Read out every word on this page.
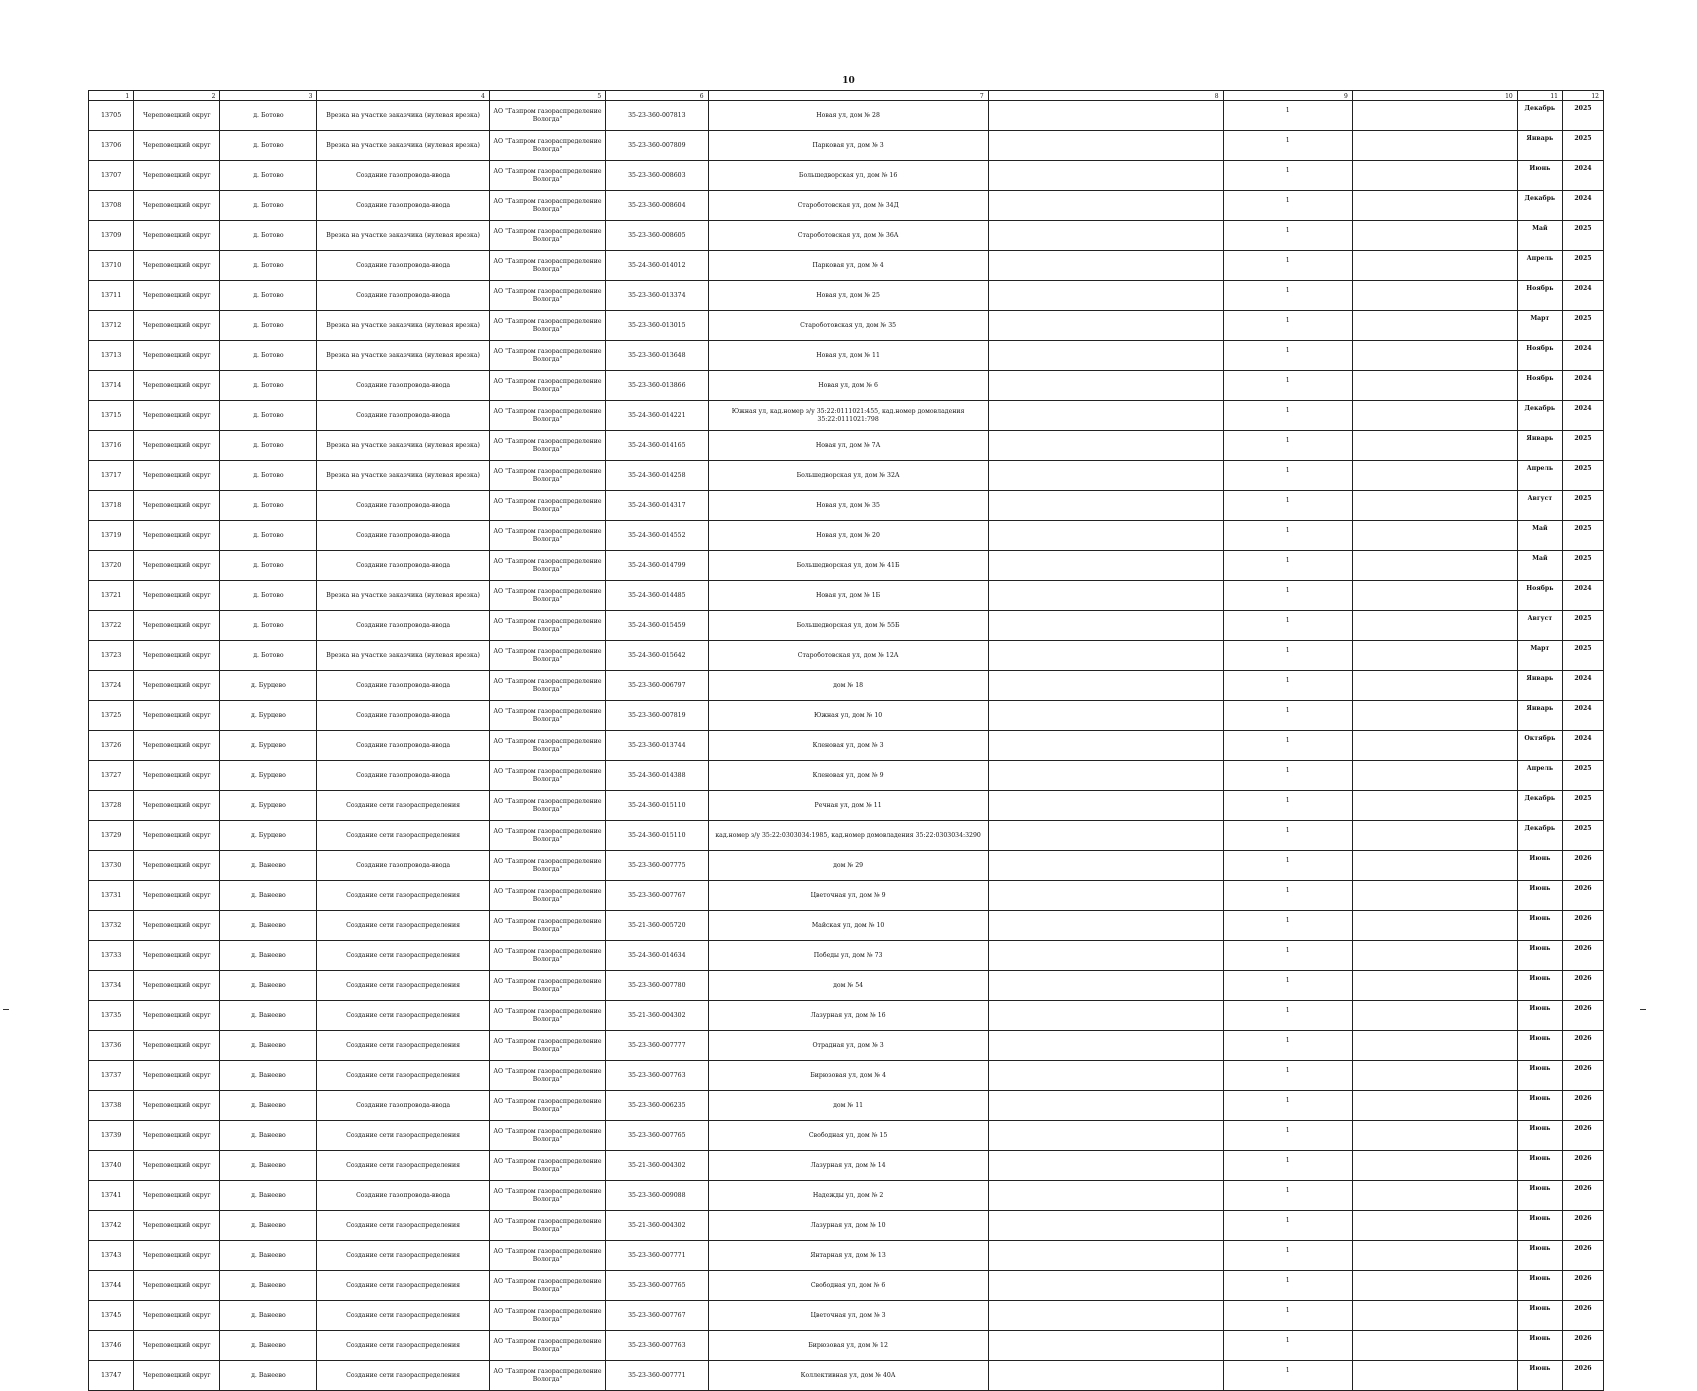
10
1	2	3	4	5	6	7	8	9	10	11	12
13705	Череповецкий округ	д. Ботово	Врезка на участке заказчика (нулевая врезка)	АО "Газпром газораспределение Вологда"	35-23-360-007813	Новая ул, дом № 28		1		Декабрь	2025
13706	Череповецкий округ	д. Ботово	Врезка на участке заказчика (нулевая врезка)	АО "Газпром газораспределение Вологда"	35-23-360-007809	Парковая ул, дом № 3		1		Январь	2025
13707	Череповецкий округ	д. Ботово	Создание газопровода-ввода	АО "Газпром газораспределение Вологда"	35-23-360-008603	Большедворская ул, дом № 16		1		Июнь	2024
13708	Череповецкий округ	д. Ботово	Создание газопровода-ввода	АО "Газпром газораспределение Вологда"	35-23-360-008604	Староботовская ул, дом № 34Д		1		Декабрь	2024
13709	Череповецкий округ	д. Ботово	Врезка на участке заказчика (нулевая врезка)	АО "Газпром газораспределение Вологда"	35-23-360-008605	Староботовская ул, дом № 36А		1		Май	2025
13710	Череповецкий округ	д. Ботово	Создание газопровода-ввода	АО "Газпром газораспределение Вологда"	35-24-360-014012	Парковая ул, дом № 4		1		Апрель	2025
13711	Череповецкий округ	д. Ботово	Создание газопровода-ввода	АО "Газпром газораспределение Вологда"	35-23-360-013374	Новая ул, дом № 25		1		Ноябрь	2024
13712	Череповецкий округ	д. Ботово	Врезка на участке заказчика (нулевая врезка)	АО "Газпром газораспределение Вологда"	35-23-360-013015	Староботовская ул, дом № 35		1		Март	2025
13713	Череповецкий округ	д. Ботово	Врезка на участке заказчика (нулевая врезка)	АО "Газпром газораспределение Вологда"	35-23-360-013648	Новая ул, дом № 11		1		Ноябрь	2024
13714	Череповецкий округ	д. Ботово	Создание газопровода-ввода	АО "Газпром газораспределение Вологда"	35-23-360-013866	Новая ул, дом № 6		1		Ноябрь	2024
13715	Череповецкий округ	д. Ботово	Создание газопровода-ввода	АО "Газпром газораспределение Вологда"	35-24-360-014221	Южная ул, кад.номер з/у 35:22:0111021:455, кад.номер домовладения 35:22:0111021:798		1		Декабрь	2024
13716	Череповецкий округ	д. Ботово	Врезка на участке заказчика (нулевая врезка)	АО "Газпром газораспределение Вологда"	35-24-360-014165	Новая ул, дом № 7А		1		Январь	2025
13717	Череповецкий округ	д. Ботово	Врезка на участке заказчика (нулевая врезка)	АО "Газпром газораспределение Вологда"	35-24-360-014258	Большедворская ул, дом № 32А		1		Апрель	2025
13718	Череповецкий округ	д. Ботово	Создание газопровода-ввода	АО "Газпром газораспределение Вологда"	35-24-360-014317	Новая ул, дом № 35		1		Август	2025
13719	Череповецкий округ	д. Ботово	Создание газопровода-ввода	АО "Газпром газораспределение Вологда"	35-24-360-014552	Новая ул, дом № 20		1		Май	2025
13720	Череповецкий округ	д. Ботово	Создание газопровода-ввода	АО "Газпром газораспределение Вологда"	35-24-360-014799	Большедворская ул, дом № 41Б		1		Май	2025
13721	Череповецкий округ	д. Ботово	Врезка на участке заказчика (нулевая врезка)	АО "Газпром газораспределение Вологда"	35-24-360-014485	Новая ул, дом № 1Б		1		Ноябрь	2024
13722	Череповецкий округ	д. Ботово	Создание газопровода-ввода	АО "Газпром газораспределение Вологда"	35-24-360-015459	Большедворская ул, дом № 55Б		1		Август	2025
13723	Череповецкий округ	д. Ботово	Врезка на участке заказчика (нулевая врезка)	АО "Газпром газораспределение Вологда"	35-24-360-015642	Староботовская ул, дом № 12А		1		Март	2025
13724	Череповецкий округ	д. Бурцево	Создание газопровода-ввода	АО "Газпром газораспределение Вологда"	35-23-360-006797	дом № 18		1		Январь	2024
13725	Череповецкий округ	д. Бурцево	Создание газопровода-ввода	АО "Газпром газораспределение Вологда"	35-23-360-007819	Южная ул, дом № 10		1		Январь	2024
13726	Череповецкий округ	д. Бурцево	Создание газопровода-ввода	АО "Газпром газораспределение Вологда"	35-23-360-013744	Кленовая ул, дом № 3		1		Октябрь	2024
13727	Череповецкий округ	д. Бурцево	Создание газопровода-ввода	АО "Газпром газораспределение Вологда"	35-24-360-014388	Кленовая ул, дом № 9		1		Апрель	2025
13728	Череповецкий округ	д. Бурцево	Создание сети газораспределения	АО "Газпром газораспределение Вологда"	35-24-360-015110	Речная ул, дом № 11		1		Декабрь	2025
13729	Череповецкий округ	д. Бурцево	Создание сети газораспределения	АО "Газпром газораспределение Вологда"	35-24-360-015110	кад.номер з/у 35:22:0303034:1985, кад.номер домовладения 35:22:0303034:3290		1		Декабрь	2025
13730	Череповецкий округ	д. Ванеево	Создание газопровода-ввода	АО "Газпром газораспределение Вологда"	35-23-360-007775	дом № 29		1		Июнь	2026
13731	Череповецкий округ	д. Ванеево	Создание сети газораспределения	АО "Газпром газораспределение Вологда"	35-23-360-007767	Цветочная ул, дом № 9		1		Июнь	2026
13732	Череповецкий округ	д. Ванеево	Создание сети газораспределения	АО "Газпром газораспределение Вологда"	35-21-360-005720	Майская ул, дом № 10		1		Июнь	2026
13733	Череповецкий округ	д. Ванеево	Создание сети газораспределения	АО "Газпром газораспределение Вологда"	35-24-360-014634	Победы ул, дом № 73		1		Июнь	2026
13734	Череповецкий округ	д. Ванеево	Создание сети газораспределения	АО "Газпром газораспределение Вологда"	35-23-360-007780	дом № 54		1		Июнь	2026
13735	Череповецкий округ	д. Ванеево	Создание сети газораспределения	АО "Газпром газораспределение Вологда"	35-21-360-004302	Лазурная ул, дом № 16		1		Июнь	2026
13736	Череповецкий округ	д. Ванеево	Создание сети газораспределения	АО "Газпром газораспределение Вологда"	35-23-360-007777	Отрадная ул, дом № 3		1		Июнь	2026
13737	Череповецкий округ	д. Ванеево	Создание сети газораспределения	АО "Газпром газораспределение Вологда"	35-23-360-007763	Бирюзовая ул, дом № 4		1		Июнь	2026
13738	Череповецкий округ	д. Ванеево	Создание газопровода-ввода	АО "Газпром газораспределение Вологда"	35-23-360-006235	дом № 11		1		Июнь	2026
13739	Череповецкий округ	д. Ванеево	Создание сети газораспределения	АО "Газпром газораспределение Вологда"	35-23-360-007765	Свободная ул, дом № 15		1		Июнь	2026
13740	Череповецкий округ	д. Ванеево	Создание сети газораспределения	АО "Газпром газораспределение Вологда"	35-21-360-004302	Лазурная ул, дом № 14		1		Июнь	2026
13741	Череповецкий округ	д. Ванеево	Создание газопровода-ввода	АО "Газпром газораспределение Вологда"	35-23-360-009088	Надежды ул, дом № 2		1		Июнь	2026
13742	Череповецкий округ	д. Ванеево	Создание сети газораспределения	АО "Газпром газораспределение Вологда"	35-21-360-004302	Лазурная ул, дом № 10		1		Июнь	2026
13743	Череповецкий округ	д. Ванеево	Создание сети газораспределения	АО "Газпром газораспределение Вологда"	35-23-360-007771	Янтарная ул, дом № 13		1		Июнь	2026
13744	Череповецкий округ	д. Ванеево	Создание сети газораспределения	АО "Газпром газораспределение Вологда"	35-23-360-007765	Свободная ул, дом № 6		1		Июнь	2026
13745	Череповецкий округ	д. Ванеево	Создание сети газораспределения	АО "Газпром газораспределение Вологда"	35-23-360-007767	Цветочная ул, дом № 3		1		Июнь	2026
13746	Череповецкий округ	д. Ванеево	Создание сети газораспределения	АО "Газпром газораспределение Вологда"	35-23-360-007763	Бирюзовая ул, дом № 12		1		Июнь	2026
13747	Череповецкий округ	д. Ванеево	Создание сети газораспределения	АО "Газпром газораспределение Вологда"	35-23-360-007771	Коллективная ул, дом № 40А		1		Июнь	2026
